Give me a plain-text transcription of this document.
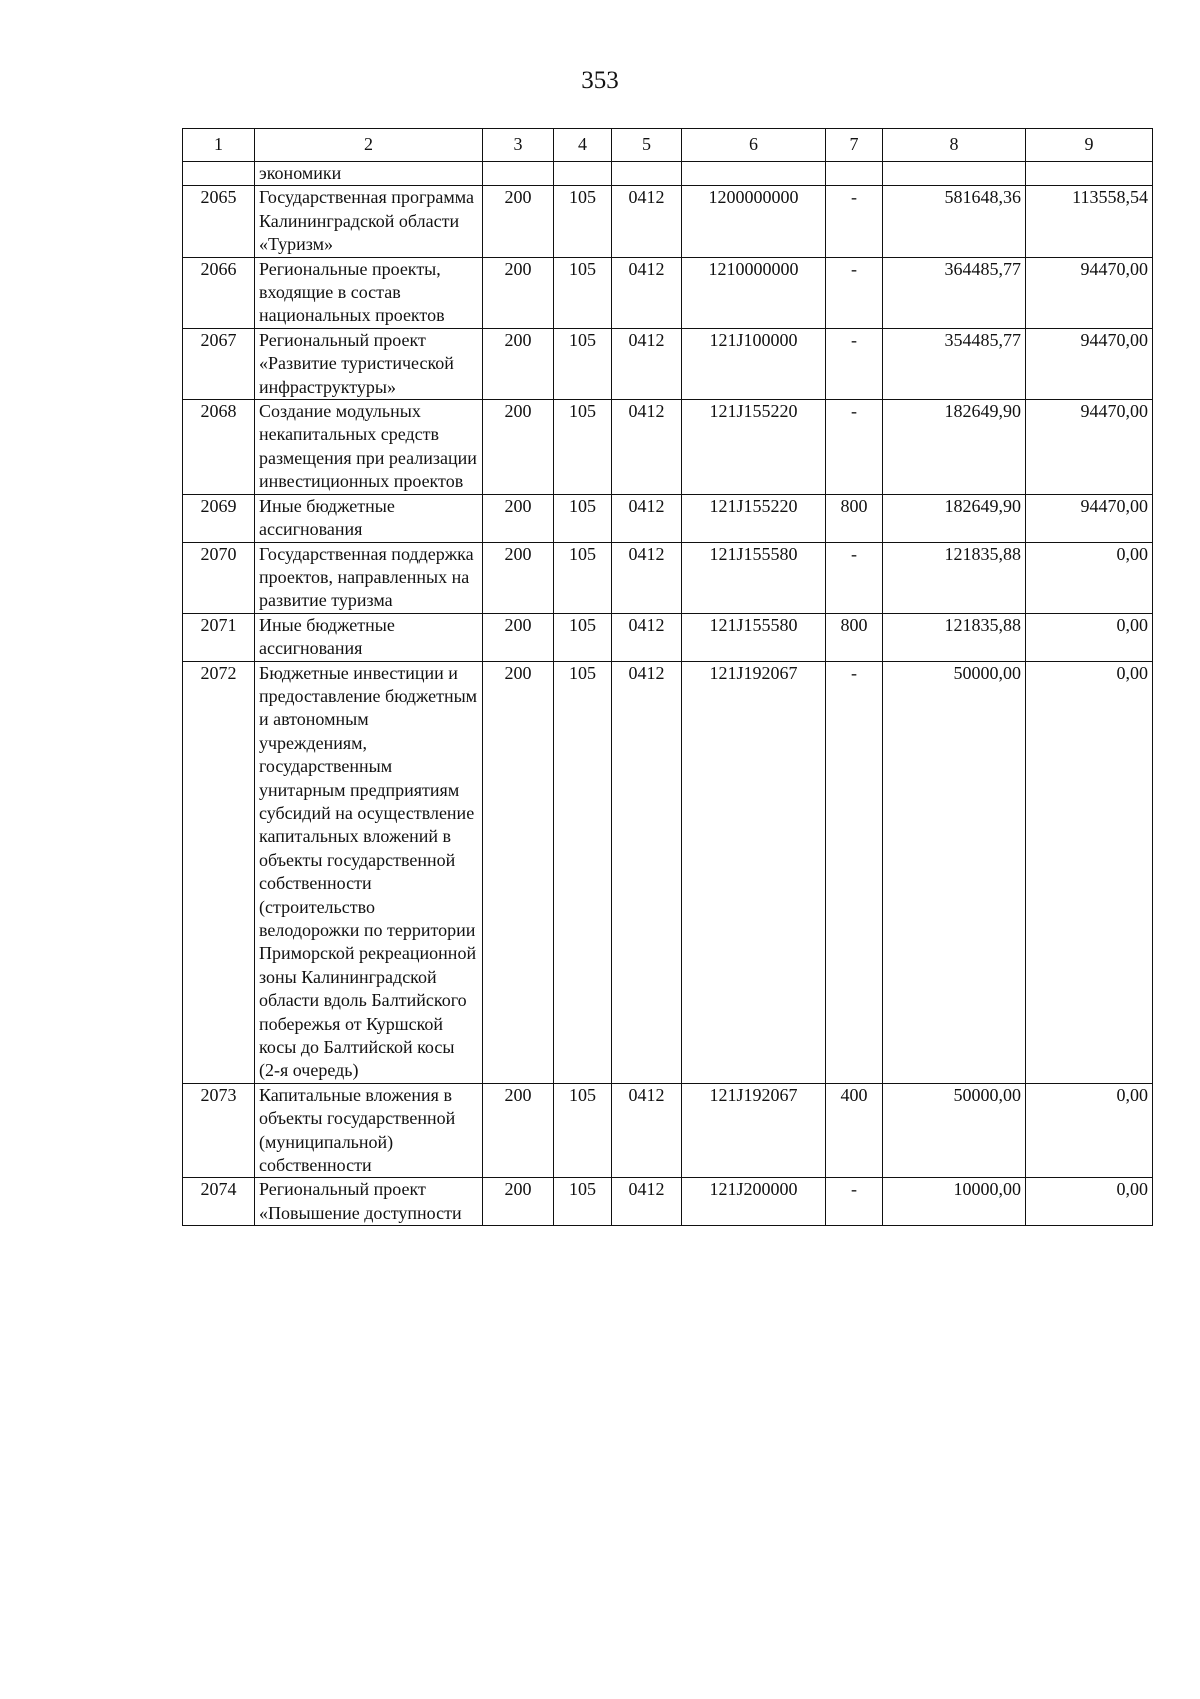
353
1	2	3	4	5	6	7	8	9
	экономики							
2065	Государственная программа Калининградской области «Туризм»	200	105	0412	1200000000	-	581648,36	113558,54
2066	Региональные проекты, входящие в состав национальных проектов	200	105	0412	1210000000	-	364485,77	94470,00
2067	Региональный проект «Развитие туристической инфраструктуры»	200	105	0412	121J100000	-	354485,77	94470,00
2068	Создание модульных некапитальных средств размещения при реализации инвестиционных проектов	200	105	0412	121J155220	-	182649,90	94470,00
2069	Иные бюджетные ассигнования	200	105	0412	121J155220	800	182649,90	94470,00
2070	Государственная поддержка проектов, направленных на развитие туризма	200	105	0412	121J155580	-	121835,88	0,00
2071	Иные бюджетные ассигнования	200	105	0412	121J155580	800	121835,88	0,00
2072	Бюджетные инвестиции и предоставление бюджетным и автономным учреждениям, государственным унитарным предприятиям субсидий на осуществление капитальных вложений в объекты государственной собственности (строительство велодорожки по территории Приморской рекреационной зоны Калининградской области вдоль Балтийского побережья от Куршской косы до Балтийской косы (2-я очередь)	200	105	0412	121J192067	-	50000,00	0,00
2073	Капитальные вложения в объекты государственной (муниципальной) собственности	200	105	0412	121J192067	400	50000,00	0,00
2074	Региональный проект «Повышение доступности	200	105	0412	121J200000	-	10000,00	0,00
